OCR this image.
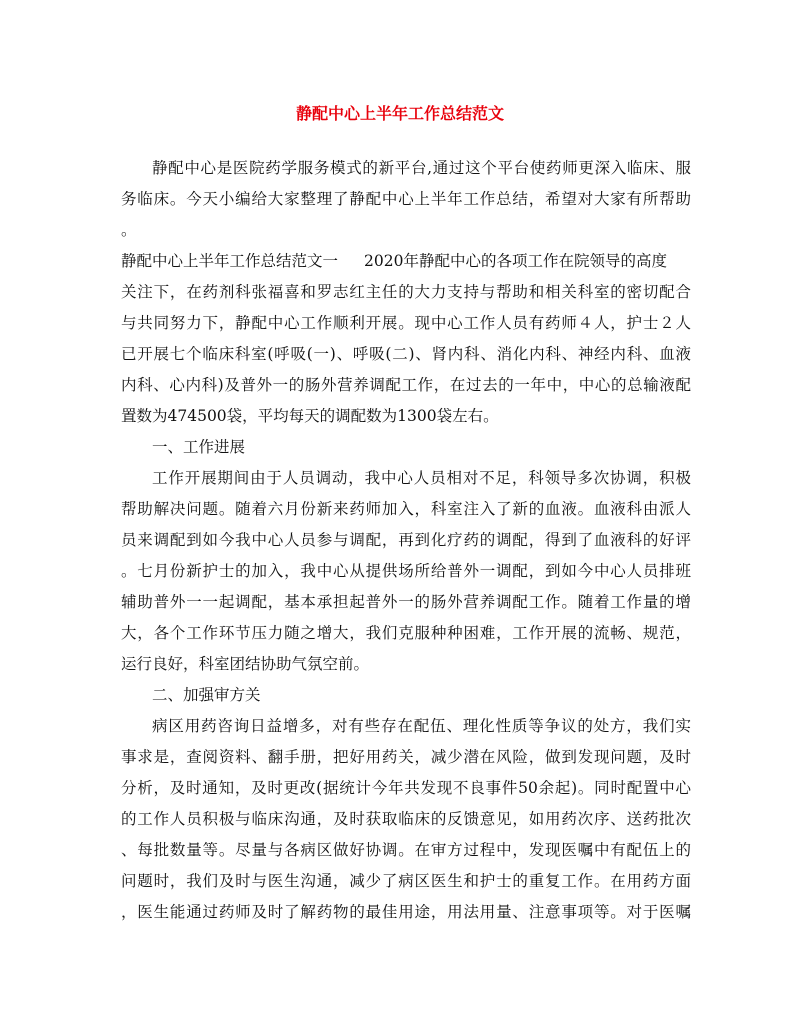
静配中心上半年工作总结范文
静配中心是医院药学服务模式的新平台,通过这个平台使药师更深入临床、服
务临床。今天小编给大家整理了静配中心上半年工作总结，希望对大家有所帮助
。
静配中心上半年工作总结范文一 2020年静配中心的各项工作在院领导的高度
关注下，在药剂科张福喜和罗志红主任的大力支持与帮助和相关科室的密切配合
与共同努力下，静配中心工作顺利开展。现中心工作人员有药师４人，护士２人
已开展七个临床科室(呼吸(一)、呼吸(二)、肾内科、消化内科、神经内科、血液
内科、心内科)及普外一的肠外营养调配工作，在过去的一年中，中心的总输液配
置数为474500袋，平均每天的调配数为1300袋左右。
一、工作进展
工作开展期间由于人员调动，我中心人员相对不足，科领导多次协调，积极
帮助解决问题。随着六月份新来药师加入，科室注入了新的血液。血液科由派人
员来调配到如今我中心人员参与调配，再到化疗药的调配，得到了血液科的好评
。七月份新护士的加入，我中心从提供场所给普外一调配，到如今中心人员排班
辅助普外一一起调配，基本承担起普外一的肠外营养调配工作。随着工作量的增
大，各个工作环节压力随之增大，我们克服种种困难，工作开展的流畅、规范，
运行良好，科室团结协助气氛空前。
二、加强审方关
病区用药咨询日益增多，对有些存在配伍、理化性质等争议的处方，我们实
事求是，查阅资料、翻手册，把好用药关，减少潜在风险，做到发现问题，及时
分析，及时通知，及时更改(据统计今年共发现不良事件50余起)。同时配置中心
的工作人员积极与临床沟通，及时获取临床的反馈意见，如用药次序、送药批次
、每批数量等。尽量与各病区做好协调。在审方过程中，发现医嘱中有配伍上的
问题时，我们及时与医生沟通，减少了病区医生和护士的重复工作。在用药方面
，医生能通过药师及时了解药物的最佳用途，用法用量、注意事项等。对于医嘱
